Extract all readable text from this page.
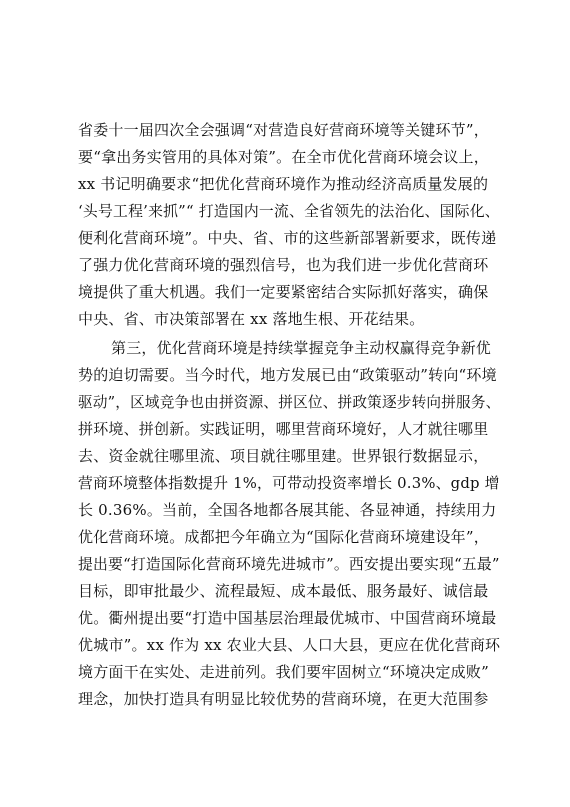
省委十一届四次全会强调“对营造良好营商环境等关键环节”，
要“拿出务实管用的具体对策”。在全市优化营商环境会议上，
xx 书记明确要求“把优化营商环境作为推动经济高质量发展的
‘头号工程’来抓”“ 打造国内一流、全省领先的法治化、国际化、
便利化营商环境”。中央、省、市的这些新部署新要求，既传递
了强力优化营商环境的强烈信号，也为我们进一步优化营商环
境提供了重大机遇。我们一定要紧密结合实际抓好落实，确保
中央、省、市决策部署在 xx 落地生根、开花结果。
第三，优化营商环境是持续掌握竞争主动权赢得竞争新优
势的迫切需要。当今时代，地方发展已由“政策驱动”转向“环境
驱动”，区域竞争也由拼资源、拼区位、拼政策逐步转向拼服务、
拼环境、拼创新。实践证明，哪里营商环境好，人才就往哪里
去、资金就往哪里流、项目就往哪里建。世界银行数据显示，
营商环境整体指数提升 1%，可带动投资率增长 0.3%、gdp 增
长 0.36%。当前，全国各地都各展其能、各显神通，持续用力
优化营商环境。成都把今年确立为“国际化营商环境建设年”，
提出要“打造国际化营商环境先进城市”。西安提出要实现“五最”
目标，即审批最少、流程最短、成本最低、服务最好、诚信最
优。衢州提出要“打造中国基层治理最优城市、中国营商环境最
优城市”。xx 作为 xx 农业大县、人口大县，更应在优化营商环
境方面干在实处、走进前列。我们要牢固树立“环境决定成败”
理念，加快打造具有明显比较优势的营商环境，在更大范围参
